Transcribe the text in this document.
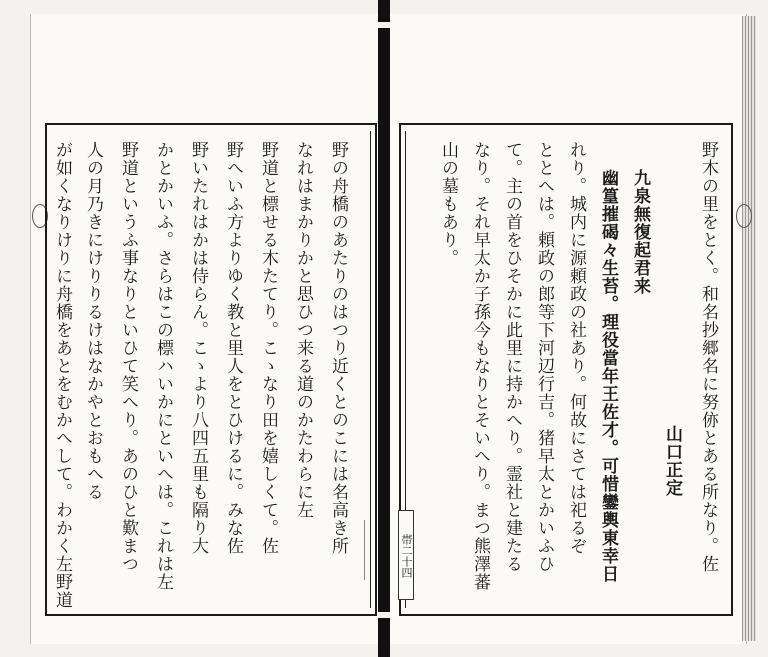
野の舟橋のあたりのはつり近くとのこには名高き所
なれはまかりかと思ひつ来る道のかたわらに左
野道と標せる木たてり。こゝなり田を嬉しくて。佐
野へいふ方よりゆく教と里人をとひけるに。みな佐
野いたれはかは侍らん。こゝより八四五里も隔り大
かとかいふ。さらはこの標ハいかにといへは。これは左
野道というふ事なりといひて笑へり。あのひと歎まつ
人の月乃きにけりりるけはなかやとおもへる
が如くなりけりに舟橋をあとをむかへして。わかく左野道	れり。城内に源頼政の社あり。何故にさては祀るぞ
ととへは。頼政の郎等下河辺行吉。猪早太とかいふひ
て。主の首をひそかに此里に持かへり。霊社と建たる
なり。それ早太か子孫今もなりとそいへり。まつ熊澤蕃
山の墓もあり。	幽篁摧碣々生苔。理役當年王佐才。可惜鑾輿東幸日 九泉無復起君来
山口正定 野木の里をとく。和名抄郷名に努㑊とある所なり。佐
帯二十四
